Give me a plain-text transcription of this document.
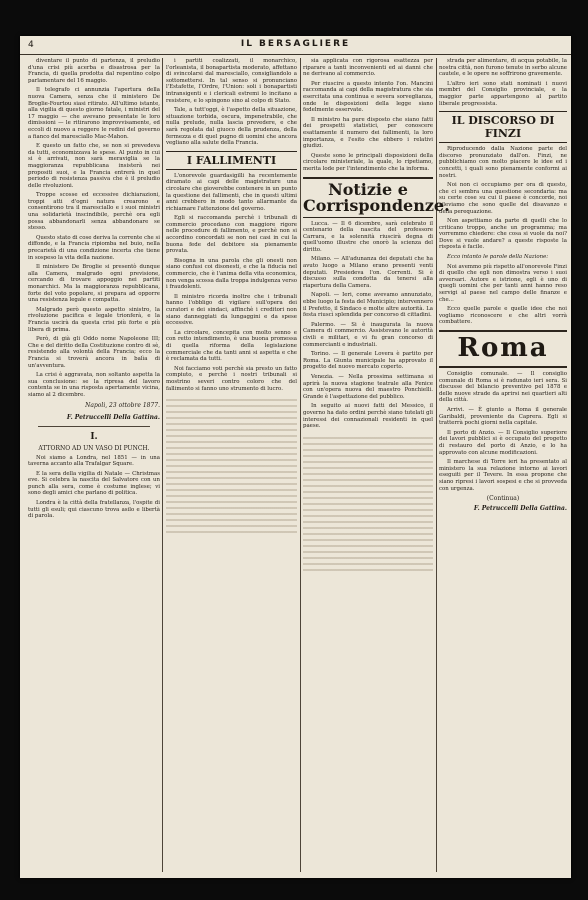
4	IL BERSAGLIERE

diventare il punto di partenza, il preludio d'una crisi più acerba e disastrosa per la Francia, di quella prodotta dal repentino colpo parlamentare del 16 maggio.

Il telegrafo ci annunzia l'apertura della nuova Camera, senza che il ministero De Broglie-Fourtou siasi ritirato. All'ultimo istante, alla vigilia di questo giorno fatale, i ministri del 17 maggio — che avevano presentate le loro dimissioni — le ritirarono improvvisamente, ed eccoli di nuovo a reggere le redini del governo a fianco del maresciallo Mac-Mahon.

E questo un fatto che, se non si prevedeva da tutti, economizzava le spese. Al punto in cui si è arrivati, non sarà meraviglia se la maggioranza repubblicana insisterà nei propositi suoi, e la Francia entrerà in quel periodo di resistenza passiva che è il preludio delle rivoluzioni.

Troppe scosse ed eccessive dichiarazioni, troppi atti d'ogni natura crearono e consentirono tra il maresciallo e i suoi ministri una solidarietà inscindibile, perchè ora egli possa abbandonarli senza abbandonare se stesso.

Questo stato di cose deriva la corrente che si diffonde, e la Francia ripiomba nel buio, nella precarietà di una condizione incerta che tiene in sospeso la vita della nazione.

Il ministero De Broglie si presentò dunque alla Camera, malgrado ogni previsione, cercando di trovare appoggio nei partiti monarchici. Ma la maggioranza repubblicana, forte del voto popolare, si prepara ad opporre una resistenza legale e compatta.

Malgrado però questo aspetto sinistro, la rivoluzione pacifica e legale trionferà, e la Francia uscirà da questa crisi più forte e più libera di prima.

Però, di già gli Oddo nome Napoleone III; Che e del diritto della Costituzione contro di sè, resistendo alla volontà della Francia; ecco la Francia si troverà ancora in balìa di un'avventura.

La crisi è aggravata, non soltanto aspetta la sua conclusione: se la ripresa del lavoro contenta se in una risposta apertamente vicina, siamo al 2 dicembre.

Napoli, 23 ottobre 1877.
F. Petruccelli Della Gattina.
I.
ATTORNO AD UN VASO DI PUNCH.

Noi siamo a Londra, nel 1851 — in una taverna accanto alla Trafalgar Square.

E la sera della vigilia di Natale — Christmas eve. Si celebra la nascita del Salvatore con un punch alla sera, come è costume inglese; vi sono degli amici che parlano di politica.

Londra è la città della fratellanza, l'ospite di tutti gli esuli; qui ciascuno trova asilo e libertà di parola.

i partiti coalizzati, il monarchico, l'orleanista, il bonapartista moderato, affettano di svincolarsi dal maresciallo, consigliandolo a sottomettersi. In tal senso si pronunciano l'Estafette, l'Ordre, l'Union: soli i bonapartisti intransigenti e i clericali estremi lo incitano a resistere, e lo spingono sino al colpo di Stato.

Tale, a tutt'oggi, è l'aspetto della situazione, situazione torbida, oscura, impenetrabile, che nulla prelude, nulla lascia prevedere, e che sarà regolata dal giuoco della prudenza, della fermezza e di quel pugno di uomini che ancora vegliano alla salute della Francia.

I FALLIMENTI

L'onorevole guardasigilli ha recentemente diramato ai capi delle magistrature una circolare che gioverebbe contenere in un punto la questione dei fallimenti, che in questi ultimi anni crebbero in modo tanto allarmante da richiamare l'attenzione del governo.

Egli si raccomanda perchè i tribunali di commercio procedano con maggiore rigore nelle procedure di fallimento, e perchè non si accordino concordati se non nei casi in cui la buona fede del debitore sia pienamente provata.

Bisogna in una parola che gli onesti non siano confusi coi disonesti, e che la fiducia nel commercio, che è l'anima della vita economica, non venga scossa dalla troppa indulgenza verso i fraudolenti.

Il ministro ricorda inoltre che i tribunali hanno l'obbligo di vigilare sull'opera dei curatori e dei sindaci, affinchè i creditori non siano danneggiati da lungaggini e da spese eccessive.

La circolare, concepita con molto senno e con retto intendimento, è una buona promessa di quella riforma della legislazione commerciale che da tanti anni si aspetta e che è reclamata da tutti.

Noi facciamo voti perchè sia presto un fatto compiuto, e perchè i nostri tribunali si mostrino severi contro coloro che del fallimento si fanno uno strumento di lucro.

sia applicata con rigorosa esattezza per riparare a tanti inconvenienti ed ai danni che ne derivano al commercio.

Per riuscire a questo intento l'on. Mancini raccomanda ai capi della magistratura che sia esercitata una continua e severa sorveglianza, onde le disposizioni della legge siano fedelmente osservate.

Il ministro ha pure disposto che siano fatti dei prospetti statistici, per conoscere esattamente il numero dei fallimenti, la loro importanza, e l'esito che ebbero i relativi giudizi.

Queste sono le principali disposizioni della circolare ministeriale, la quale, lo ripetiamo, merita lode per l'intendimento che la informa.

Notizie e Corrispondenze.

Lucca. — Il 6 dicembre, sarà celebrato il centenario della nascita del professore Carrara, e la solennità riuscirà degna di quell'uomo illustre che onorò la scienza del diritto.

Milano. — All'adunanza dei deputati che ha avuto luogo a Milano erano presenti venti deputati. Presiedeva l'on. Correnti. Si è discusso sulla condotta da tenersi alla riapertura della Camera.

Napoli. — Ieri, come avevamo annunziato, ebbe luogo la festa del Municipio; intervennero il Prefetto, il Sindaco e molte altre autorità. La festa riuscì splendida per concorso di cittadini.

Palermo. — Si è inaugurata la nuova Camera di commercio. Assistevano le autorità civili e militari, e vi fu gran concorso di commercianti e industriali.

Torino. — Il generale Lovera è partito per Roma. La Giunta municipale ha approvato il progetto del nuovo mercato coperto.

Venezia. — Nella prossima settimana si aprirà la nuova stagione teatrale alla Fenice con un'opera nuova del maestro Ponchielli. Grande è l'aspettazione del pubblico.

In seguito ai nuovi fatti del Messico, il governo ha dato ordini perchè siano tutelati gli interessi dei connazionali residenti in quel paese.

strada per alimentare, di acqua potabile, la nostra città, non furono tenute in serbo alcune cautele, e le opere ne soffrirono gravemente.

L'altro ieri sono stati nominati i nuovi membri del Consiglio provinciale, e la maggior parte appartengono al partito liberale progressista.

IL DISCORSO DI FINZI

Riproducendo dalla Nazione parte del discorso pronunziato dall'on. Finzi, ne pubblichiamo con molto piacere le idee ed i concetti, i quali sono pienamente conformi ai nostri.

Noi non ci occupiamo per ora di questo, che ci sembra una questione secondaria: ma su certe cose su cui il paese è concorde, noi rileviamo che sono quelle del disavanzo e della perequazione.

Non aspettiamo da parte di quelli che lo criticano troppo, anche un programma; ma vorremmo chiedere: che cosa si vuole da noi? Dove si vuole andare? a queste risposte la risposta è facile.

Ecco intanto le parole della Nazione:

Noi avemmo più rispetto all'onorevole Finzi di quello che egli non dimostra verso i suoi avversari. Autore e istrione, egli è uno di quegli uomini che per tanti anni hanno reso servigi al paese nel campo delle finanze e che...

Ecco quelle parole e quelle idee che noi vogliamo riconoscere e che altri vorrà combattere.

Roma

Consiglio comunale. — Il consiglio comunale di Roma si è radunato ieri sera. Si discusse del bilancio preventivo pel 1878 e delle nuove strade da aprirsi nei quartieri alti della città.

Arrivi. — È giunto a Roma il generale Garibaldi, proveniente da Caprera. Egli si tratterrà pochi giorni nella capitale.

Il porto di Anzio. — Il Consiglio superiore dei lavori pubblici si è occupato del progetto di restauro del porto di Anzio, e lo ha approvato con alcune modificazioni.

Il marchese di Torre ieri ha presentato al ministero la sua relazione intorno ai lavori eseguiti per il Tevere. In essa propone che siano ripresi i lavori sospesi e che si provveda con urgenza.

(Continua)
F. Petruccelli Della Gattina.
